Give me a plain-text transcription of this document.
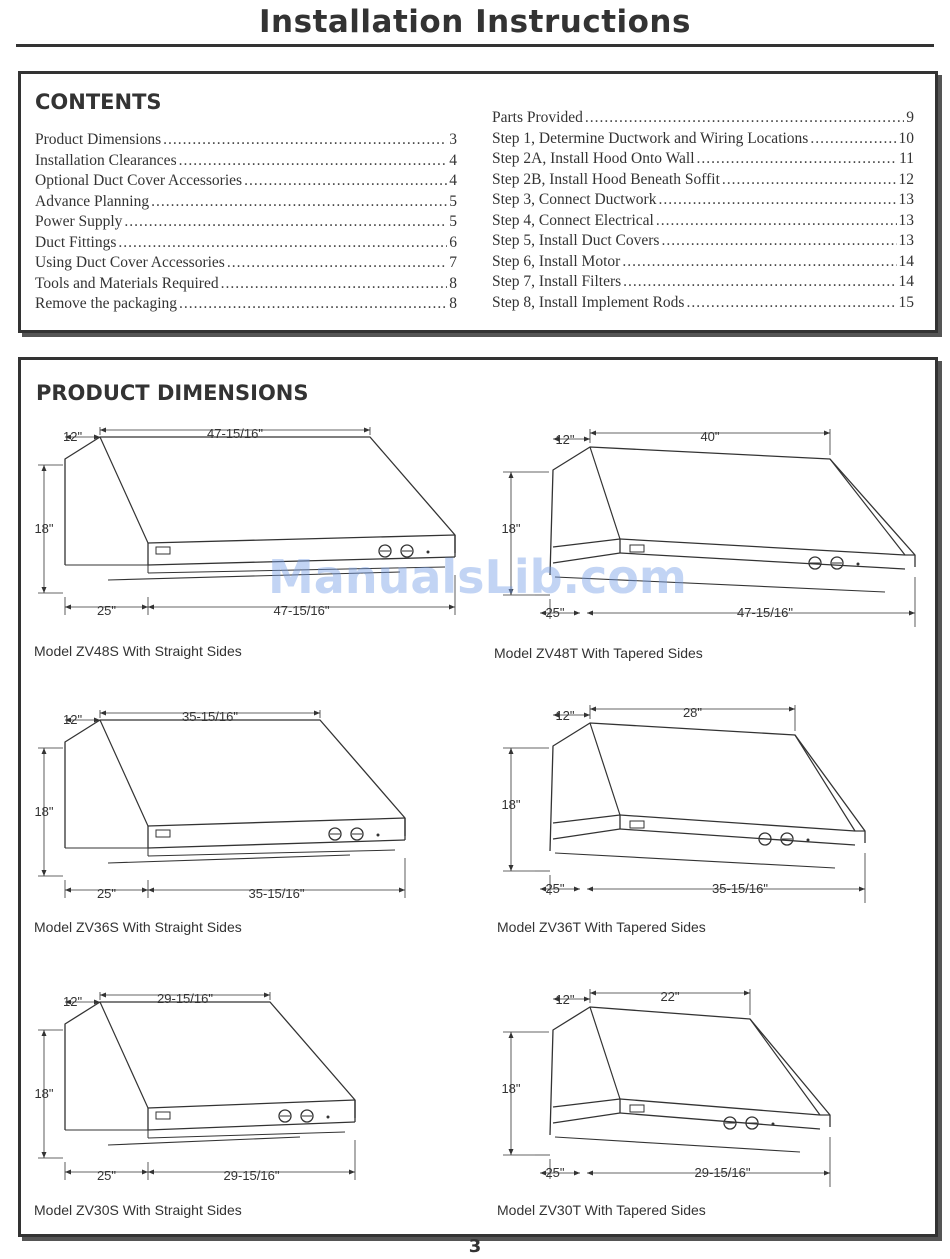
Installation Instructions
CONTENTS
Product Dimensions .....	3
Installation Clearances .....	4
Optional Duct Cover Accessories .....	4
Advance Planning .....	5
Power Supply .....	5
Duct Fittings .....	6
Using Duct Cover Accessories .....	7
Tools and Materials Required .....	8
Remove the packaging .....	8
Parts Provided .....	9
Step 1, Determine Ductwork and Wiring Locations .....	10
Step 2A, Install Hood Onto Wall .....	11
Step 2B, Install Hood Beneath Soffit .....	12
Step 3, Connect Ductwork .....	13
Step 4, Connect Electrical .....	13
Step 5, Install Duct Covers .....	13
Step 6, Install Motor .....	14
Step 7, Install Filters .....	14
Step 8, Install Implement Rods .....	15
PRODUCT DIMENSIONS
12"	47-15/16"
18"
25"	47-15/16"
12"	40"
18"
25"	47-15/16"
12"	35-15/16"
18"
25"	35-15/16"
12"	28"
18"
25"	35-15/16"
12"	29-15/16"
18"
25"	29-15/16"
12"	22"
18"
25"	29-15/16"
Model ZV48S With Straight Sides	Model ZV48T With Tapered Sides
Model ZV36S With Straight Sides	Model ZV36T With Tapered Sides
Model ZV30S With Straight Sides	Model ZV30T With Tapered Sides
ManualsLib.com
3
